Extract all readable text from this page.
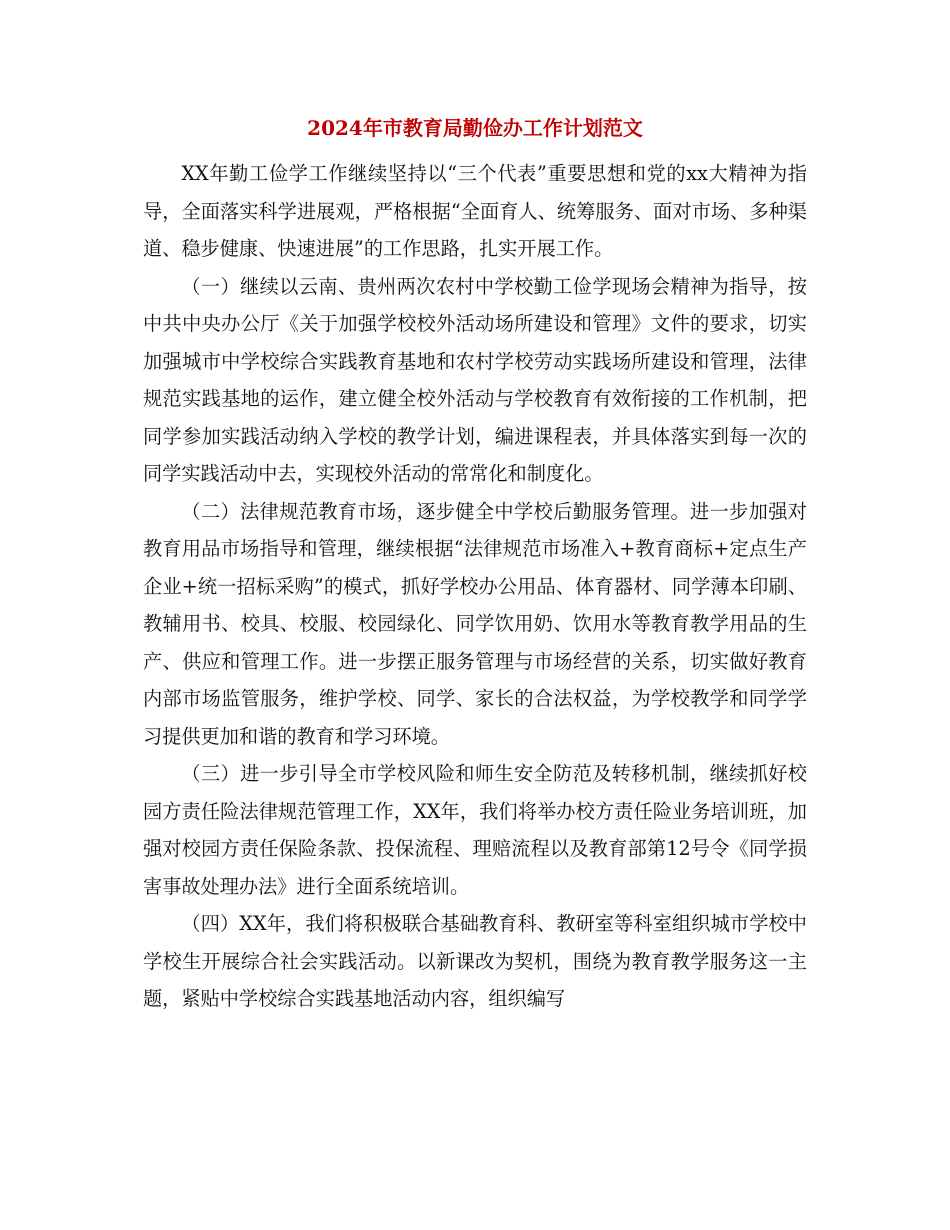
2024年市教育局勤俭办工作计划范文

XX年勤工俭学工作继续坚持以“三个代表”重要思想和党的xx大精神为指导，全面落实科学进展观，严格根据“全面育人、统筹服务、面对市场、多种渠道、稳步健康、快速进展”的工作思路，扎实开展工作。

（一）继续以云南、贵州两次农村中学校勤工俭学现场会精神为指导，按中共中央办公厅《关于加强学校校外活动场所建设和管理》文件的要求，切实加强城市中学校综合实践教育基地和农村学校劳动实践场所建设和管理，法律规范实践基地的运作，建立健全校外活动与学校教育有效衔接的工作机制，把同学参加实践活动纳入学校的教学计划，编进课程表，并具体落实到每一次的同学实践活动中去，实现校外活动的常常化和制度化。

（二）法律规范教育市场，逐步健全中学校后勤服务管理。进一步加强对教育用品市场指导和管理，继续根据“法律规范市场准入+教育商标+定点生产企业+统一招标采购”的模式，抓好学校办公用品、体育器材、同学薄本印刷、教辅用书、校具、校服、校园绿化、同学饮用奶、饮用水等教育教学用品的生产、供应和管理工作。进一步摆正服务管理与市场经营的关系，切实做好教育内部市场监管服务，维护学校、同学、家长的合法权益，为学校教学和同学学习提供更加和谐的教育和学习环境。

（三）进一步引导全市学校风险和师生安全防范及转移机制，继续抓好校园方责任险法律规范管理工作，XX年，我们将举办校方责任险业务培训班，加强对校园方责任保险条款、投保流程、理赔流程以及教育部第12号令《同学损害事故处理办法》进行全面系统培训。

（四）XX年，我们将积极联合基础教育科、教研室等科室组织城市学校中学校生开展综合社会实践活动。以新课改为契机，围绕为教育教学服务这一主题，紧贴中学校综合实践基地活动内容，组织编写
